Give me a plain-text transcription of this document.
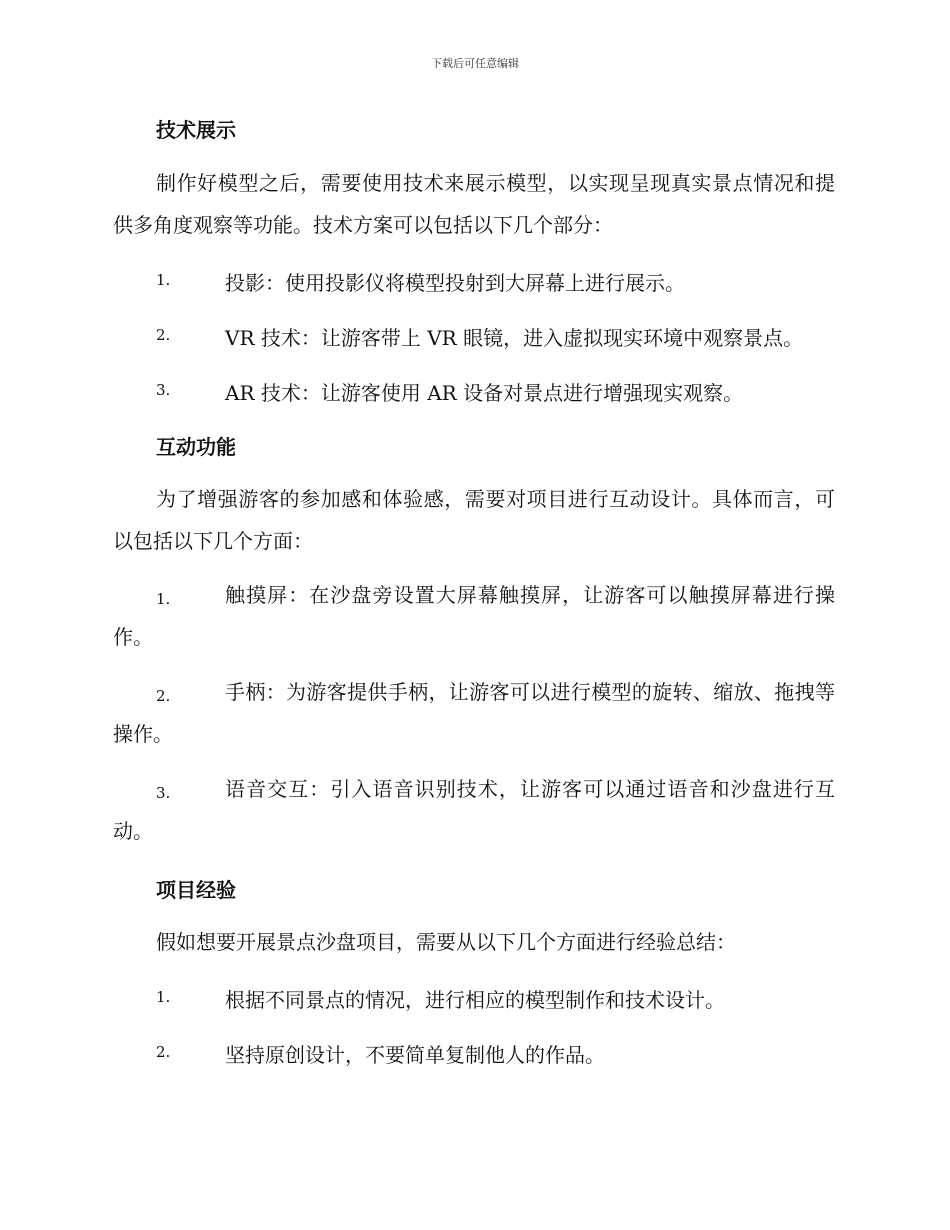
下载后可任意编辑
技术展示
制作好模型之后，需要使用技术来展示模型，以实现呈现真实景点情况和提供多角度观察等功能。技术方案可以包括以下几个部分：
1.	投影：使用投影仪将模型投射到大屏幕上进行展示。
2.	VR 技术：让游客带上 VR 眼镜，进入虚拟现实环境中观察景点。
3.	AR 技术：让游客使用 AR 设备对景点进行增强现实观察。
互动功能
为了增强游客的参加感和体验感，需要对项目进行互动设计。具体而言，可以包括以下几个方面：
1.	触摸屏：在沙盘旁设置大屏幕触摸屏，让游客可以触摸屏幕进行操作。
2.	手柄：为游客提供手柄，让游客可以进行模型的旋转、缩放、拖拽等操作。
3.	语音交互：引入语音识别技术，让游客可以通过语音和沙盘进行互动。
项目经验
假如想要开展景点沙盘项目，需要从以下几个方面进行经验总结：
1.	根据不同景点的情况，进行相应的模型制作和技术设计。
2.	坚持原创设计，不要简单复制他人的作品。
